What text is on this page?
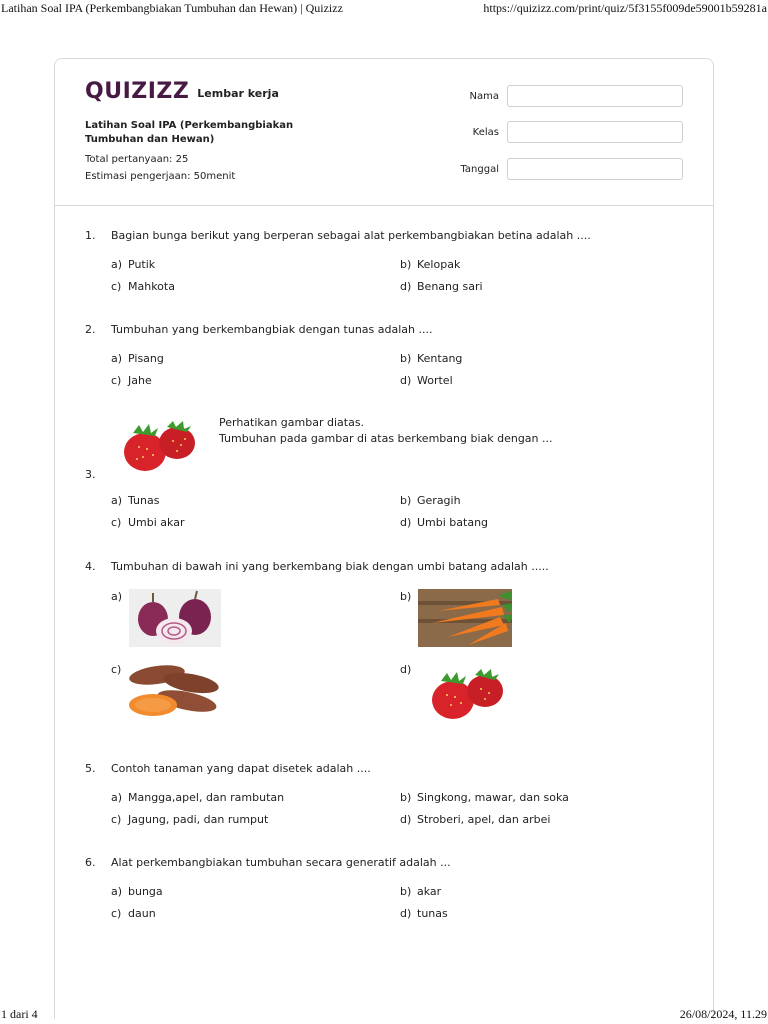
Latihan Soal IPA (Perkembangbiakan Tumbuhan dan Hewan) | Quizizz	https://quizizz.com/print/quiz/5f3155f009de59001b59281a
QUIZIZZ Lembar kerja
Latihan Soal IPA (Perkembangbiakan Tumbuhan dan Hewan)
Total pertanyaan: 25
Estimasi pengerjaan: 50menit
Nama
Kelas
Tanggal
1. Bagian bunga berikut yang berperan sebagai alat perkembangbiakan betina adalah ....
a) Putik	b) Kelopak
c) Mahkota	d) Benang sari
2. Tumbuhan yang berkembangbiak dengan tunas adalah ....
a) Pisang	b) Kentang
c) Jahe	d) Wortel
Perhatikan gambar diatas.
Tumbuhan pada gambar di atas berkembang biak dengan ...
3.
a) Tunas	b) Geragih
c) Umbi akar	d) Umbi batang
4. Tumbuhan di bawah ini yang berkembang biak dengan umbi batang adalah .....
a)	b)
c)	d)
5. Contoh tanaman yang dapat disetek adalah ....
a) Mangga,apel, dan rambutan	b) Singkong, mawar, dan soka
c) Jagung, padi, dan rumput	d) Stroberi, apel, dan arbei
6. Alat perkembangbiakan tumbuhan secara generatif adalah ...
a) bunga	b) akar
c) daun	d) tunas
1 dari 4	26/08/2024, 11.29
